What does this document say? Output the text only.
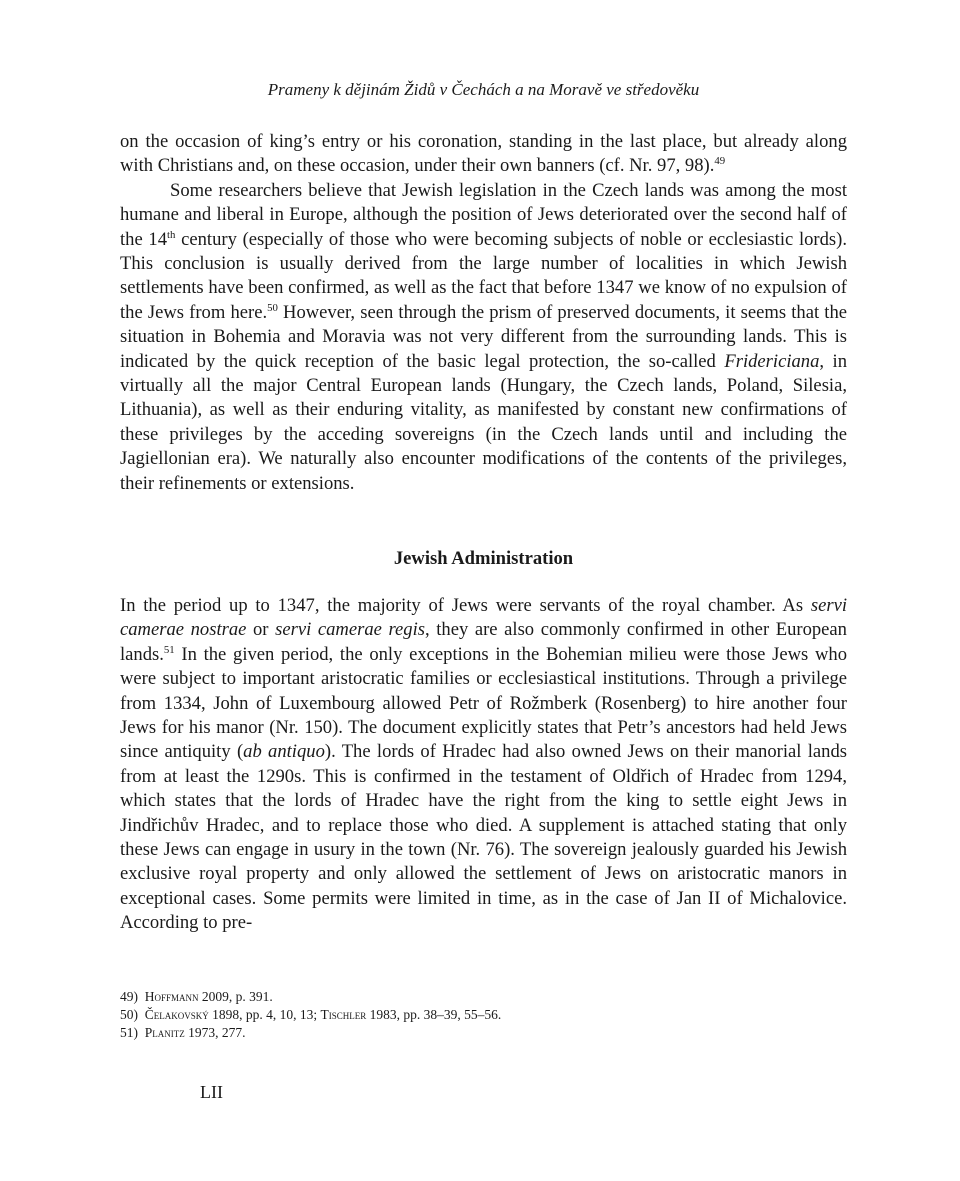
Prameny k dějinám Židů v Čechách a na Moravě ve středověku

on the occasion of king’s entry or his coronation, standing in the last place, but already along with Christians and, on these occasion, under their own banners (cf. Nr. 97, 98).$^{49}$

Some researchers believe that Jewish legislation in the Czech lands was among the most humane and liberal in Europe, although the position of Jews deteriorated over the second half of the 14th century (especially of those who were becoming subjects of noble or ecclesiastic lords). This conclusion is usually derived from the large number of localities in which Jewish settlements have been confirmed, as well as the fact that before 1347 we know of no expulsion of the Jews from here.$^{50}$ However, seen through the prism of preserved documents, it seems that the situation in Bohemia and Moravia was not very different from the surrounding lands. This is indicated by the quick reception of the basic legal protection, the so-called Fridericiana, in virtually all the major Central European lands (Hungary, the Czech lands, Poland, Silesia, Lithuania), as well as their enduring vitality, as manifested by constant new confirmations of these privileges by the acceding sovereigns (in the Czech lands until and including the Jagiellonian era). We naturally also encounter modifications of the contents of the privileges, their refinements or extensions.

Jewish Administration

In the period up to 1347, the majority of Jews were servants of the royal chamber. As servi camerae nostrae or servi camerae regis, they are also commonly confirmed in other European lands.$^{51}$ In the given period, the only exceptions in the Bohemian milieu were those Jews who were subject to important aristocratic families or ecclesiastical institutions. Through a privilege from 1334, John of Luxembourg allowed Petr of Rožmberk (Rosenberg) to hire another four Jews for his manor (Nr. 150). The document explicitly states that Petr’s ancestors had held Jews since antiquity (ab antiquo). The lords of Hradec had also owned Jews on their manorial lands from at least the 1290s. This is confirmed in the testament of Oldřich of Hradec from 1294, which states that the lords of Hradec have the right from the king to settle eight Jews in Jindřichův Hradec, and to replace those who died. A supplement is attached stating that only these Jews can engage in usury in the town (Nr. 76). The sovereign jealously guarded his Jewish exclusive royal property and only allowed the settlement of Jews on aristocratic manors in exceptional cases. Some permits were limited in time, as in the case of Jan II of Michalovice. According to pre-

49) Hoffmann 2009, p. 391.
50) Čelakovský 1898, pp. 4, 10, 13; Tischler 1983, pp. 38–39, 55–56.
51) Planitz 1973, 277.
LII
